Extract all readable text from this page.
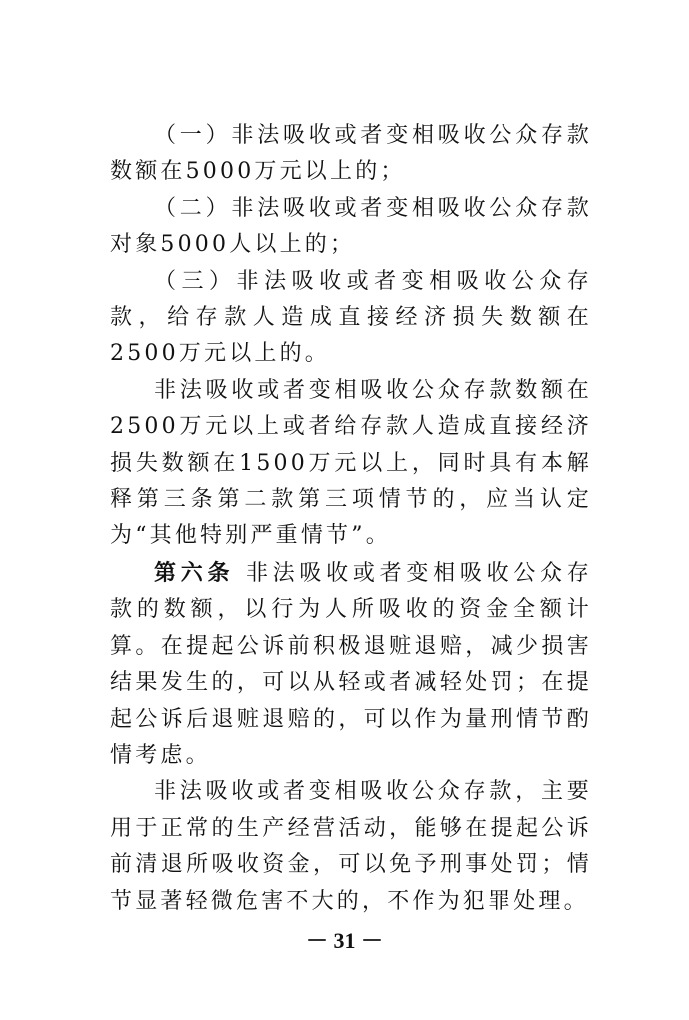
（一）非法吸收或者变相吸收公众存款数额在5000万元以上的；

（二）非法吸收或者变相吸收公众存款对象5000人以上的；

（三）非法吸收或者变相吸收公众存款，给存款人造成直接经济损失数额在2500万元以上的。

非法吸收或者变相吸收公众存款数额在2500万元以上或者给存款人造成直接经济损失数额在1500万元以上，同时具有本解释第三条第二款第三项情节的，应当认定为“其他特别严重情节”。

第六条 非法吸收或者变相吸收公众存款的数额，以行为人所吸收的资金全额计算。在提起公诉前积极退赃退赔，减少损害结果发生的，可以从轻或者减轻处罚；在提起公诉后退赃退赔的，可以作为量刑情节酌情考虑。

非法吸收或者变相吸收公众存款，主要用于正常的生产经营活动，能够在提起公诉前清退所吸收资金，可以免予刑事处罚；情节显著轻微危害不大的，不作为犯罪处理。

－ 31 －
